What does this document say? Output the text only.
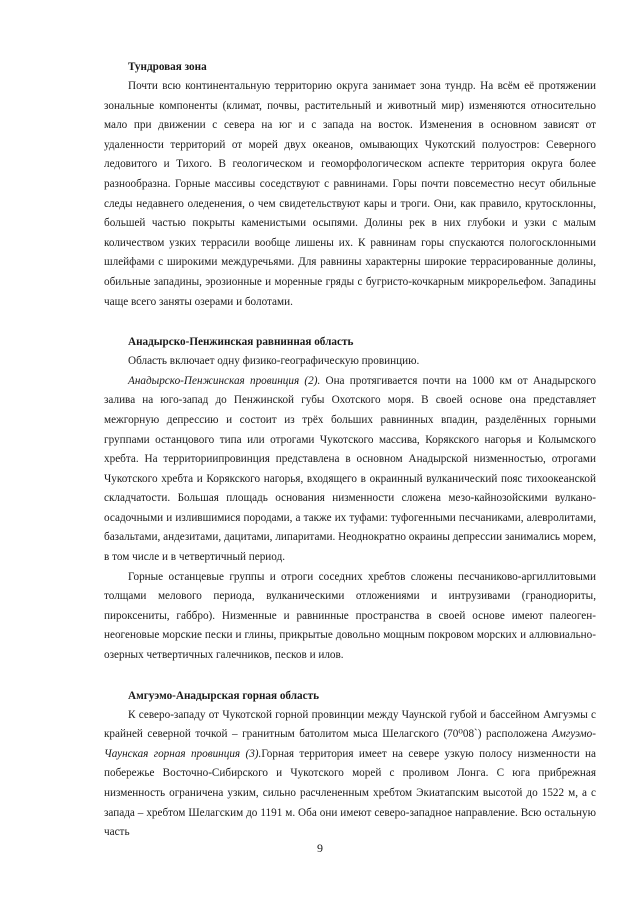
Тундровая зона

Почти всю континентальную территорию округа занимает зона тундр. На всём её протяжении зональные компоненты (климат, почвы, растительный и животный мир) изменяются относительно мало при движении с севера на юг и с запада на восток. Изменения в основном зависят от удаленности территорий от морей двух океанов, омывающих Чукотский полуостров: Северного ледовитого и Тихого. В геологическом и геоморфологическом аспекте территория округа более разнообразна. Горные массивы соседствуют с равнинами. Горы почти повсеместно несут обильные следы недавнего оледенения, о чем свидетельствуют кары и троги. Они, как правило, крутосклонны, большей частью покрыты каменистыми осыпями. Долины рек в них глубоки и узки с малым количеством узких террасили вообще лишены их. К равнинам горы спускаются пологосклонными шлейфами с широкими междуречьями. Для равнины характерны широкие террасированные долины, обильные западины, эрозионные и моренные гряды с бугристо-кочкарным микрорельефом. Западины чаще всего заняты озерами и болотами.

Анадырско-Пенжинская равнинная область

Область включает одну физико-географическую провинцию.

Анадырско-Пенжинская провинция (2). Она протягивается почти на 1000 км от Анадырского залива на юго-запад до Пенжинской губы Охотского моря. В своей основе она представляет межгорную депрессию и состоит из трёх больших равнинных впадин, разделённых горными группами останцового типа или отрогами Чукотского массива, Корякского нагорья и Колымского хребта. На территориипровинция представлена в основном Анадырской низменностью, отрогами Чукотского хребта и Корякского нагорья, входящего в окраинный вулканический пояс тихоокеанской складчатости. Большая площадь основания низменности сложена мезо-кайнозойскими вулкано-осадочными и излившимися породами, а также их туфами: туфогенными песчаниками, алевролитами, базальтами, андезитами, дацитами, липаритами. Неоднократно окраины депрессии занимались морем, в том числе и в четвертичный период.

Горные останцевые группы и отроги соседних хребтов сложены песчаниково-аргиллитовыми толщами мелового периода, вулканическими отложениями и интрузивами (гранодиориты, пироксениты, габбро). Низменные и равнинные пространства в своей основе имеют палеоген-неогеновые морские пески и глины, прикрытые довольно мощным покровом морских и аллювиально-озерных четвертичных галечников, песков и илов.

Амгуэмо-Анадырская горная область

К северо-западу от Чукотской горной провинции между Чаунской губой и бассейном Амгуэмы с крайней северной точкой – гранитным батолитом мыса Шелагского (70⁰08`) расположена Амгуэмо-Чаунская горная провинция (3).Горная территория имеет на севере узкую полосу низменности на побережье Восточно-Сибирского и Чукотского морей с проливом Лонга. С юга прибрежная низменность ограничена узким, сильно расчлененным хребтом Экиатапским высотой до 1522 м, а с запада – хребтом Шелагским до 1191 м. Оба они имеют северо-западное направление. Всю остальную часть

9
